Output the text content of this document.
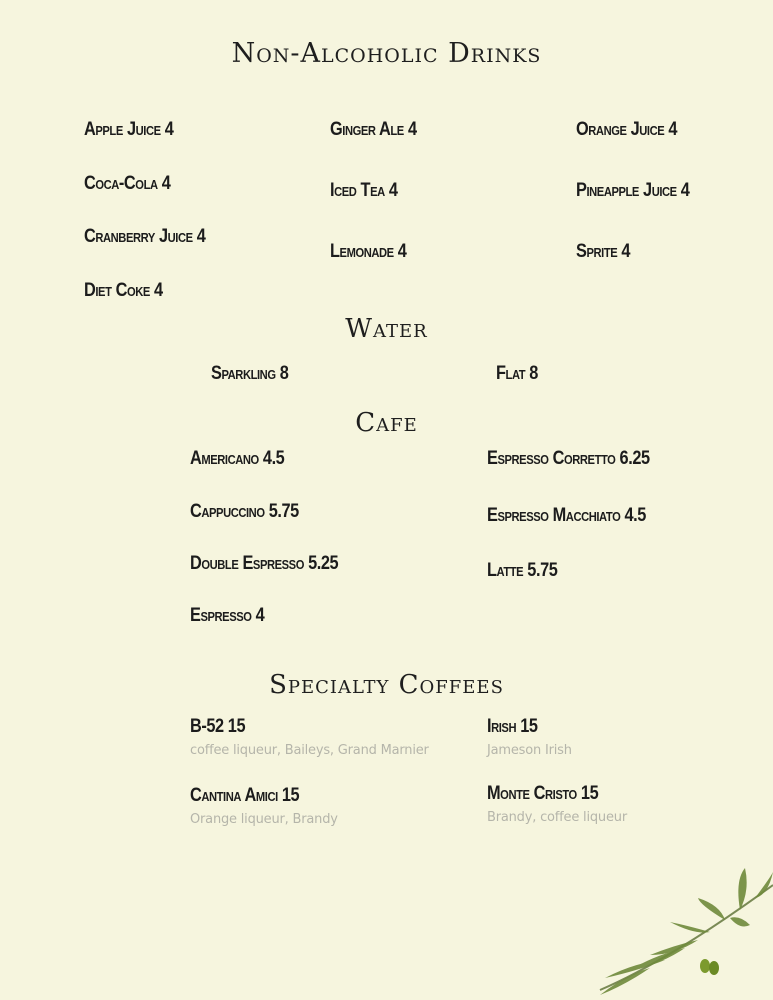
Non-Alcoholic Drinks
Apple Juice 4
Coca-Cola 4
Cranberry Juice 4
Diet Coke 4
Ginger Ale 4
Iced Tea 4
Lemonade 4
Orange Juice 4
Pineapple Juice 4
Sprite 4
Water
Sparkling 8	Flat 8
Cafe
Americano 4.5
Cappuccino 5.75
Double Espresso 5.25
Espresso 4
Espresso Corretto 6.25
Espresso Macchiato 4.5
Latte 5.75
Specialty Coffees
B-52 15
coffee liqueur, Baileys, Grand Marnier
Cantina Amici 15
Orange liqueur, Brandy
Irish 15
Jameson Irish
Monte Cristo 15
Brandy, coffee liqueur
